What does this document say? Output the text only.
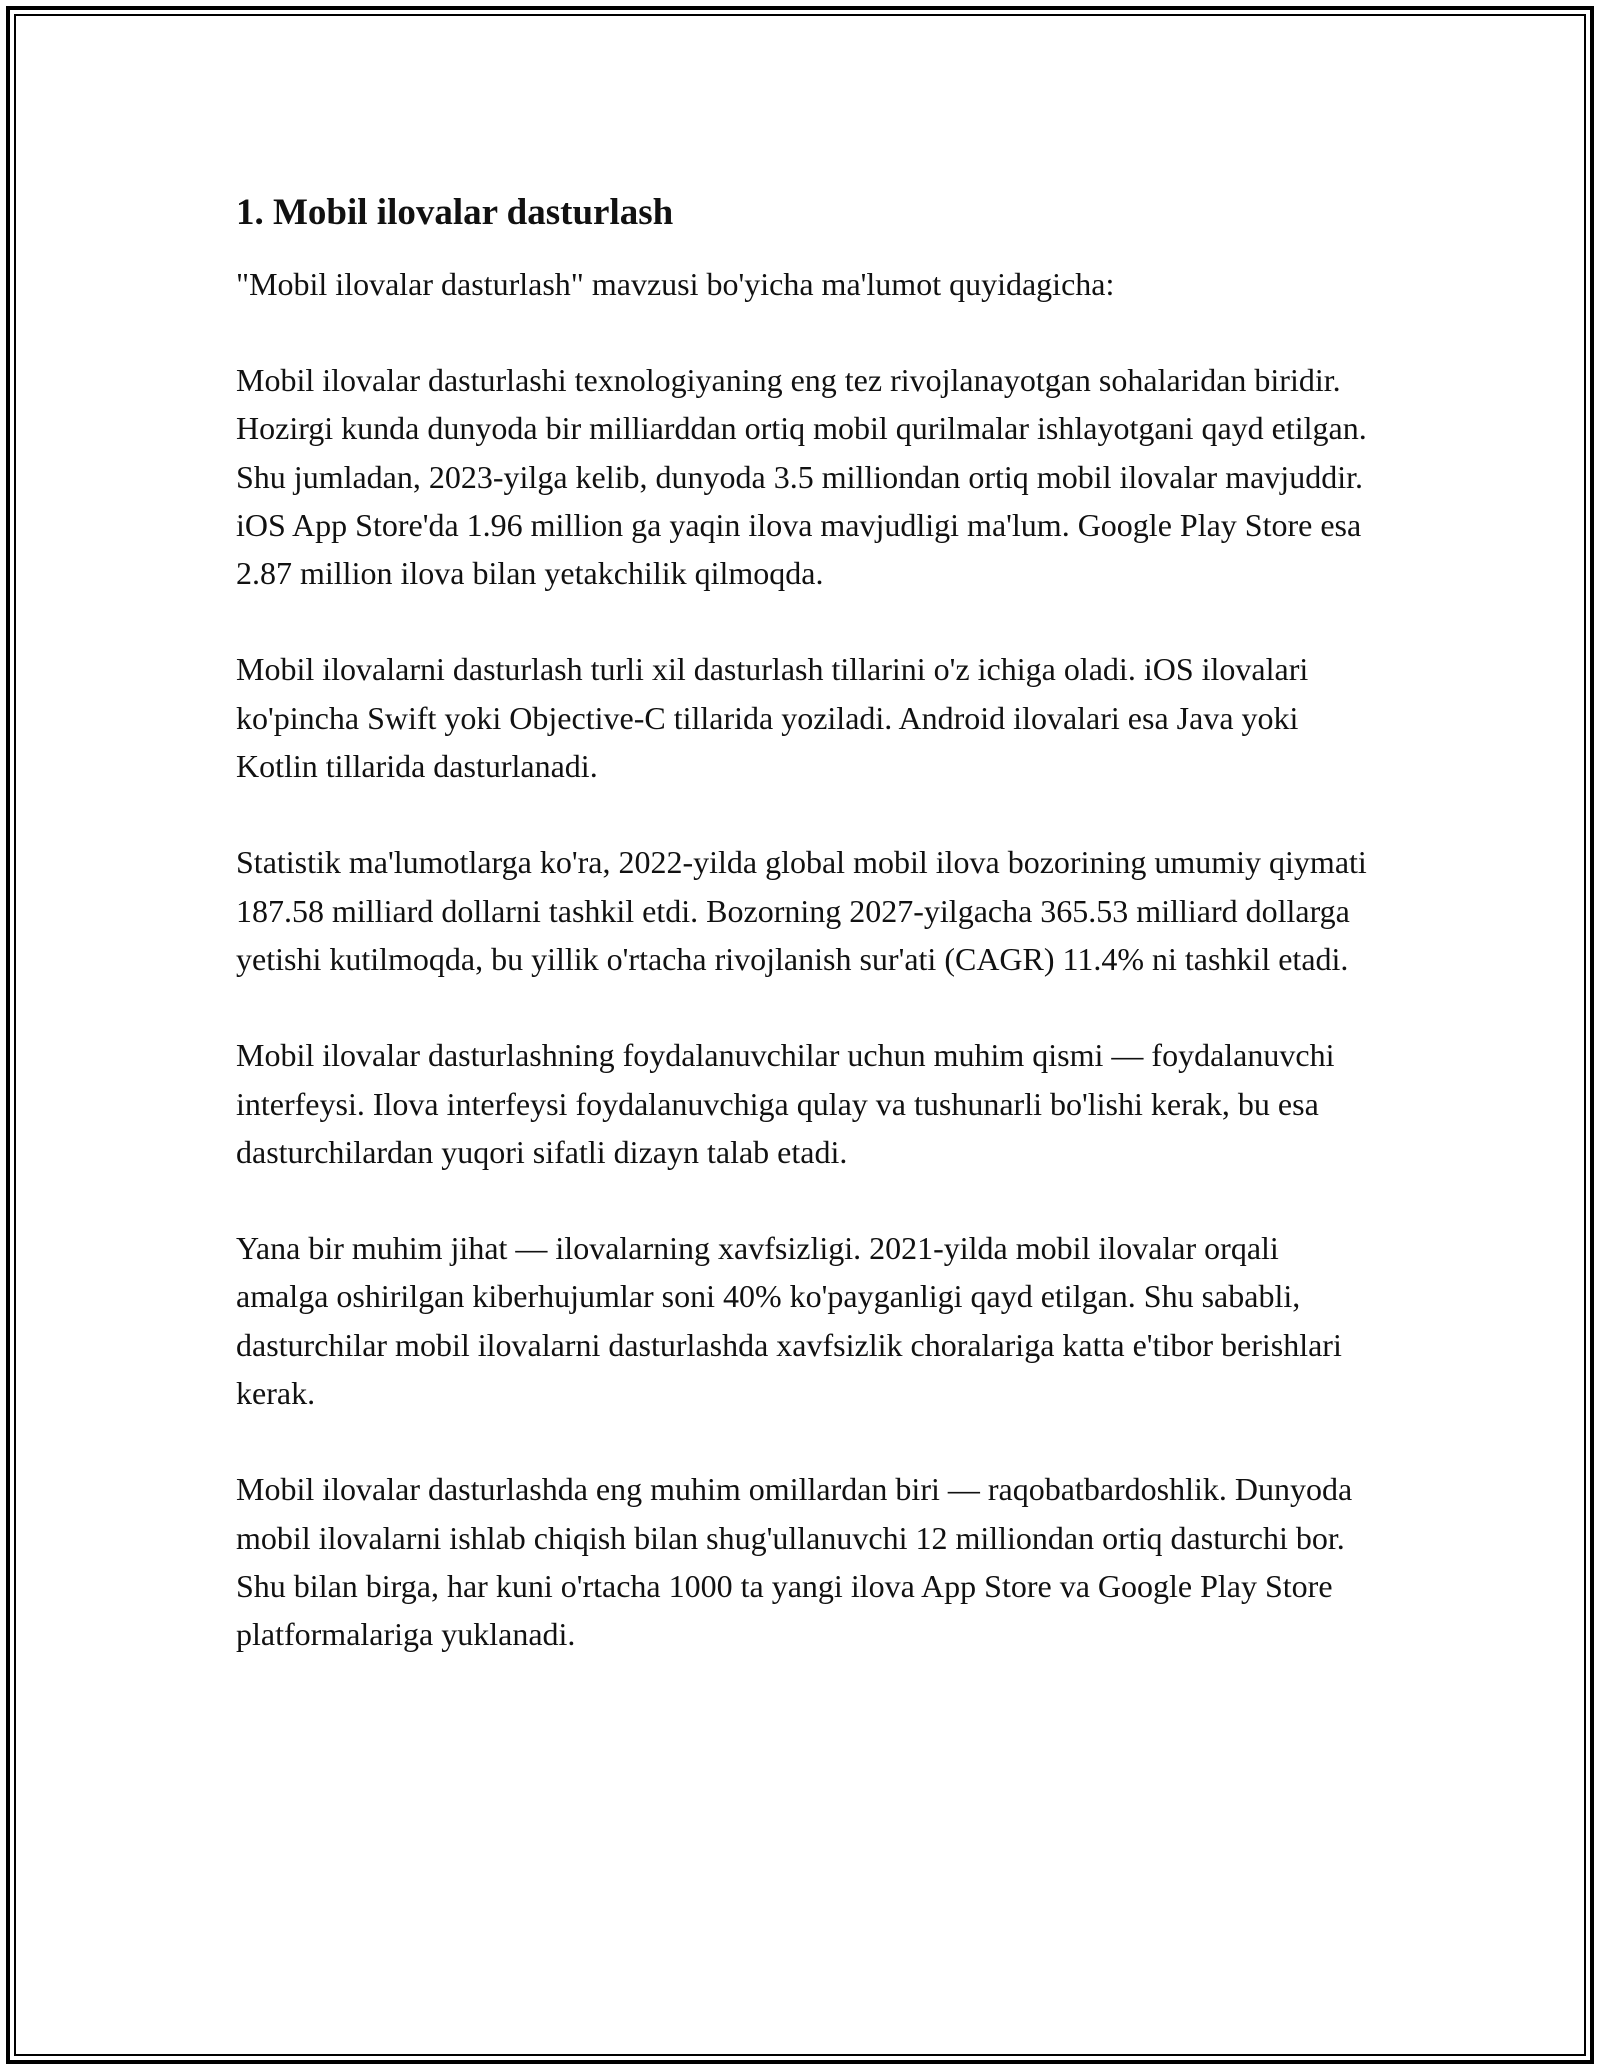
1. Mobil ilovalar dasturlash
"Mobil ilovalar dasturlash" mavzusi bo'yicha ma'lumot quyidagicha:
Mobil ilovalar dasturlashi texnologiyaning eng tez rivojlanayotgan sohalaridan biridir. Hozirgi kunda dunyoda bir milliarddan ortiq mobil qurilmalar ishlayotgani qayd etilgan. Shu jumladan, 2023-yilga kelib, dunyoda 3.5 milliondan ortiq mobil ilovalar mavjuddir. iOS App Store'da 1.96 million ga yaqin ilova mavjudligi ma'lum. Google Play Store esa 2.87 million ilova bilan yetakchilik qilmoqda.
Mobil ilovalarni dasturlash turli xil dasturlash tillarini o'z ichiga oladi. iOS ilovalari ko'pincha Swift yoki Objective-C tillarida yoziladi. Android ilovalari esa Java yoki Kotlin tillarida dasturlanadi.
Statistik ma'lumotlarga ko'ra, 2022-yilda global mobil ilova bozorining umumiy qiymati 187.58 milliard dollarni tashkil etdi. Bozorning 2027-yilgacha 365.53 milliard dollarga yetishi kutilmoqda, bu yillik o'rtacha rivojlanish sur'ati (CAGR) 11.4% ni tashkil etadi.
Mobil ilovalar dasturlashning foydalanuvchilar uchun muhim qismi — foydalanuvchi interfeysi. Ilova interfeysi foydalanuvchiga qulay va tushunarli bo'lishi kerak, bu esa dasturchilardan yuqori sifatli dizayn talab etadi.
Yana bir muhim jihat — ilovalarning xavfsizligi. 2021-yilda mobil ilovalar orqali amalga oshirilgan kiberhujumlar soni 40% ko'payganligi qayd etilgan. Shu sababli, dasturchilar mobil ilovalarni dasturlashda xavfsizlik choralariga katta e'tibor berishlari kerak.
Mobil ilovalar dasturlashda eng muhim omillardan biri — raqobatbardoshlik. Dunyoda mobil ilovalarni ishlab chiqish bilan shug'ullanuvchi 12 milliondan ortiq dasturchi bor. Shu bilan birga, har kuni o'rtacha 1000 ta yangi ilova App Store va Google Play Store platformalariga yuklanadi.
